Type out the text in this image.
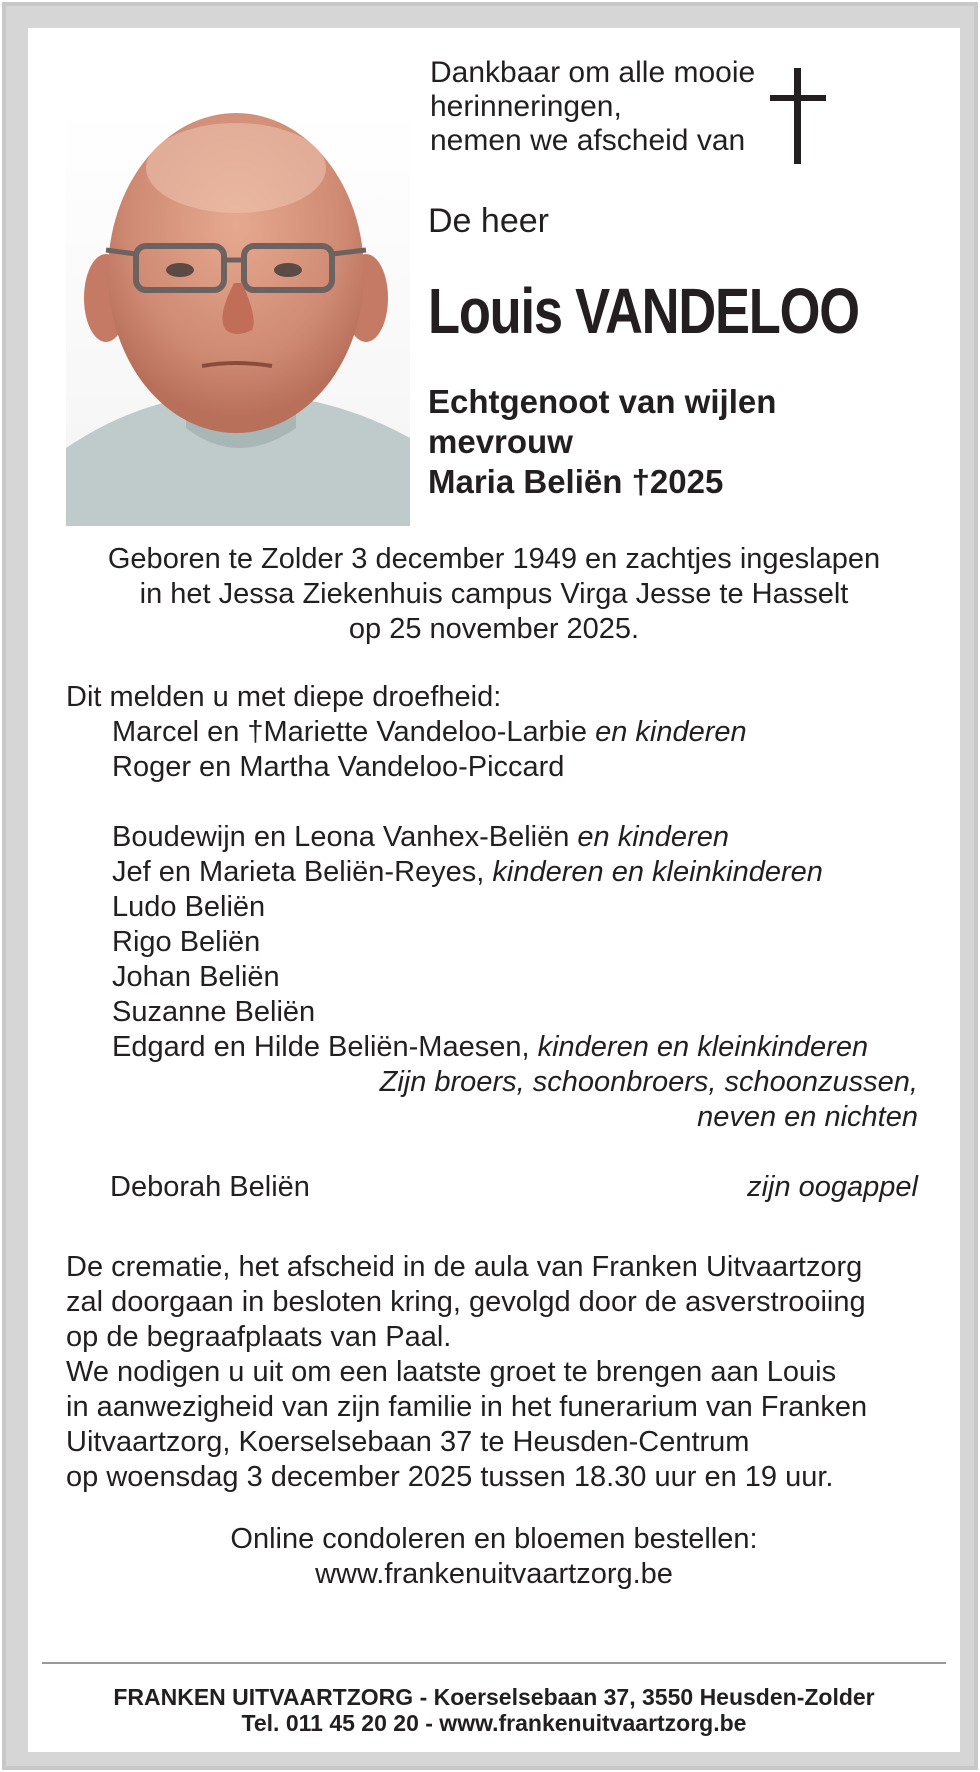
Dankbaar om alle mooie
herinneringen,
nemen we afscheid van
De heer
Louis VANDELOO
Echtgenoot van wijlen
mevrouw
Maria Beliën †2025
Geboren te Zolder 3 december 1949 en zachtjes ingeslapen
in het Jessa Ziekenhuis campus Virga Jesse te Hasselt
op 25 november 2025.
Dit melden u met diepe droefheid:
Marcel en †Mariette Vandeloo-Larbie en kinderen
Roger en Martha Vandeloo-Piccard
Boudewijn en Leona Vanhex-Beliën en kinderen
Jef en Marieta Beliën-Reyes, kinderen en kleinkinderen
Ludo Beliën
Rigo Beliën
Johan Beliën
Suzanne Beliën
Edgard en Hilde Beliën-Maesen, kinderen en kleinkinderen
Zijn broers, schoonbroers, schoonzussen,
neven en nichten
Deborah Beliën	zijn oogappel
De crematie, het afscheid in de aula van Franken Uitvaartzorg
zal doorgaan in besloten kring, gevolgd door de asverstrooiing
op de begraafplaats van Paal.
We nodigen u uit om een laatste groet te brengen aan Louis
in aanwezigheid van zijn familie in het funerarium van Franken
Uitvaartzorg, Koerselsebaan 37 te Heusden-Centrum
op woensdag 3 december 2025 tussen 18.30 uur en 19 uur.
Online condoleren en bloemen bestellen:
www.frankenuitvaartzorg.be
FRANKEN UITVAARTZORG - Koerselsebaan 37, 3550 Heusden-Zolder
Tel. 011 45 20 20 - www.frankenuitvaartzorg.be
